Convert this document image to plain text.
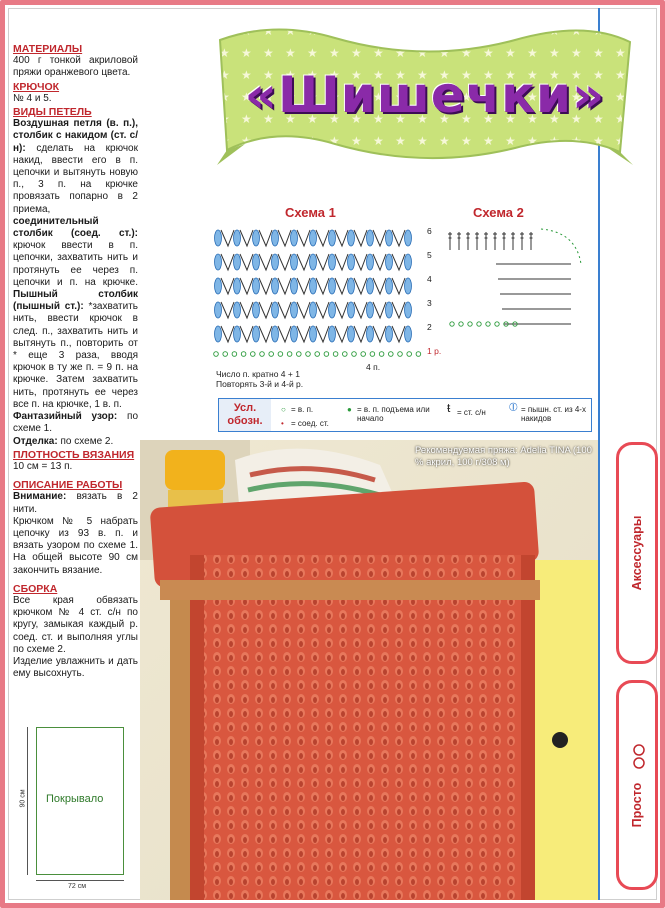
МАТЕРИАЛЫ

400 г тонкой акриловой пряжи оранжевого цвета.

КРЮЧОК

№ 4 и 5.

ВИДЫ ПЕТЕЛЬ

Воздушная петля (в. п.), столбик с накидом (ст. с/н): сделать на крючок накид, ввести его в п. цепочки и вытянуть новую п., 3 п. на крючке провязать попарно в 2 приема, соединительный столбик (соед. ст.): крючок ввести в п. цепочки, захватить нить и протянуть ее через п. цепочки и п. на крючке. Пышный столбик (пышный ст.): *захватить нить, ввести крючок в след. п., захватить нить и вытянуть п., повторить от * еще 3 раза, вводя крючок в ту же п. = 9 п. на крючке. Затем захватить нить, протянуть ее через все п. на крючке, 1 в. п.

Фантазийный узор: по схеме 1.

Отделка: по схеме 2.

ПЛОТНОСТЬ ВЯЗАНИЯ

10 см = 13 п.

ОПИСАНИЕ РАБОТЫ

Внимание: вязать в 2 нити.

Крючком № 5 набрать цепочку из 93 в. п. и вязать узором по схеме 1. На общей высоте 90 см закончить вязание.

СБОРКА

Все края обвязать крючком № 4 ст. с/н по кругу, замыкая каждый р. соед. ст. и выполняя углы по схеме 2.

Изделие увлажнить и дать ему высохнуть.

90 см Покрывало
72 см
«Шишечки»
Схема 1	Схема 2
6
5
4
3
2
1 р.
4 п.
Число п. кратно 4 + 1
Повторять 3-й и 4-й р.
Усл. обозн.
○ = в. п.
• = соед. ст.
● = в. п. подъема или начало
ŧ = ст. с/н ⦶ = пышн. ст. из 4-х накидов
Рекомендуемая пряжа: Adelia TINA (100 % акрил, 100 г/308 м)
Аксессуары
Просто
